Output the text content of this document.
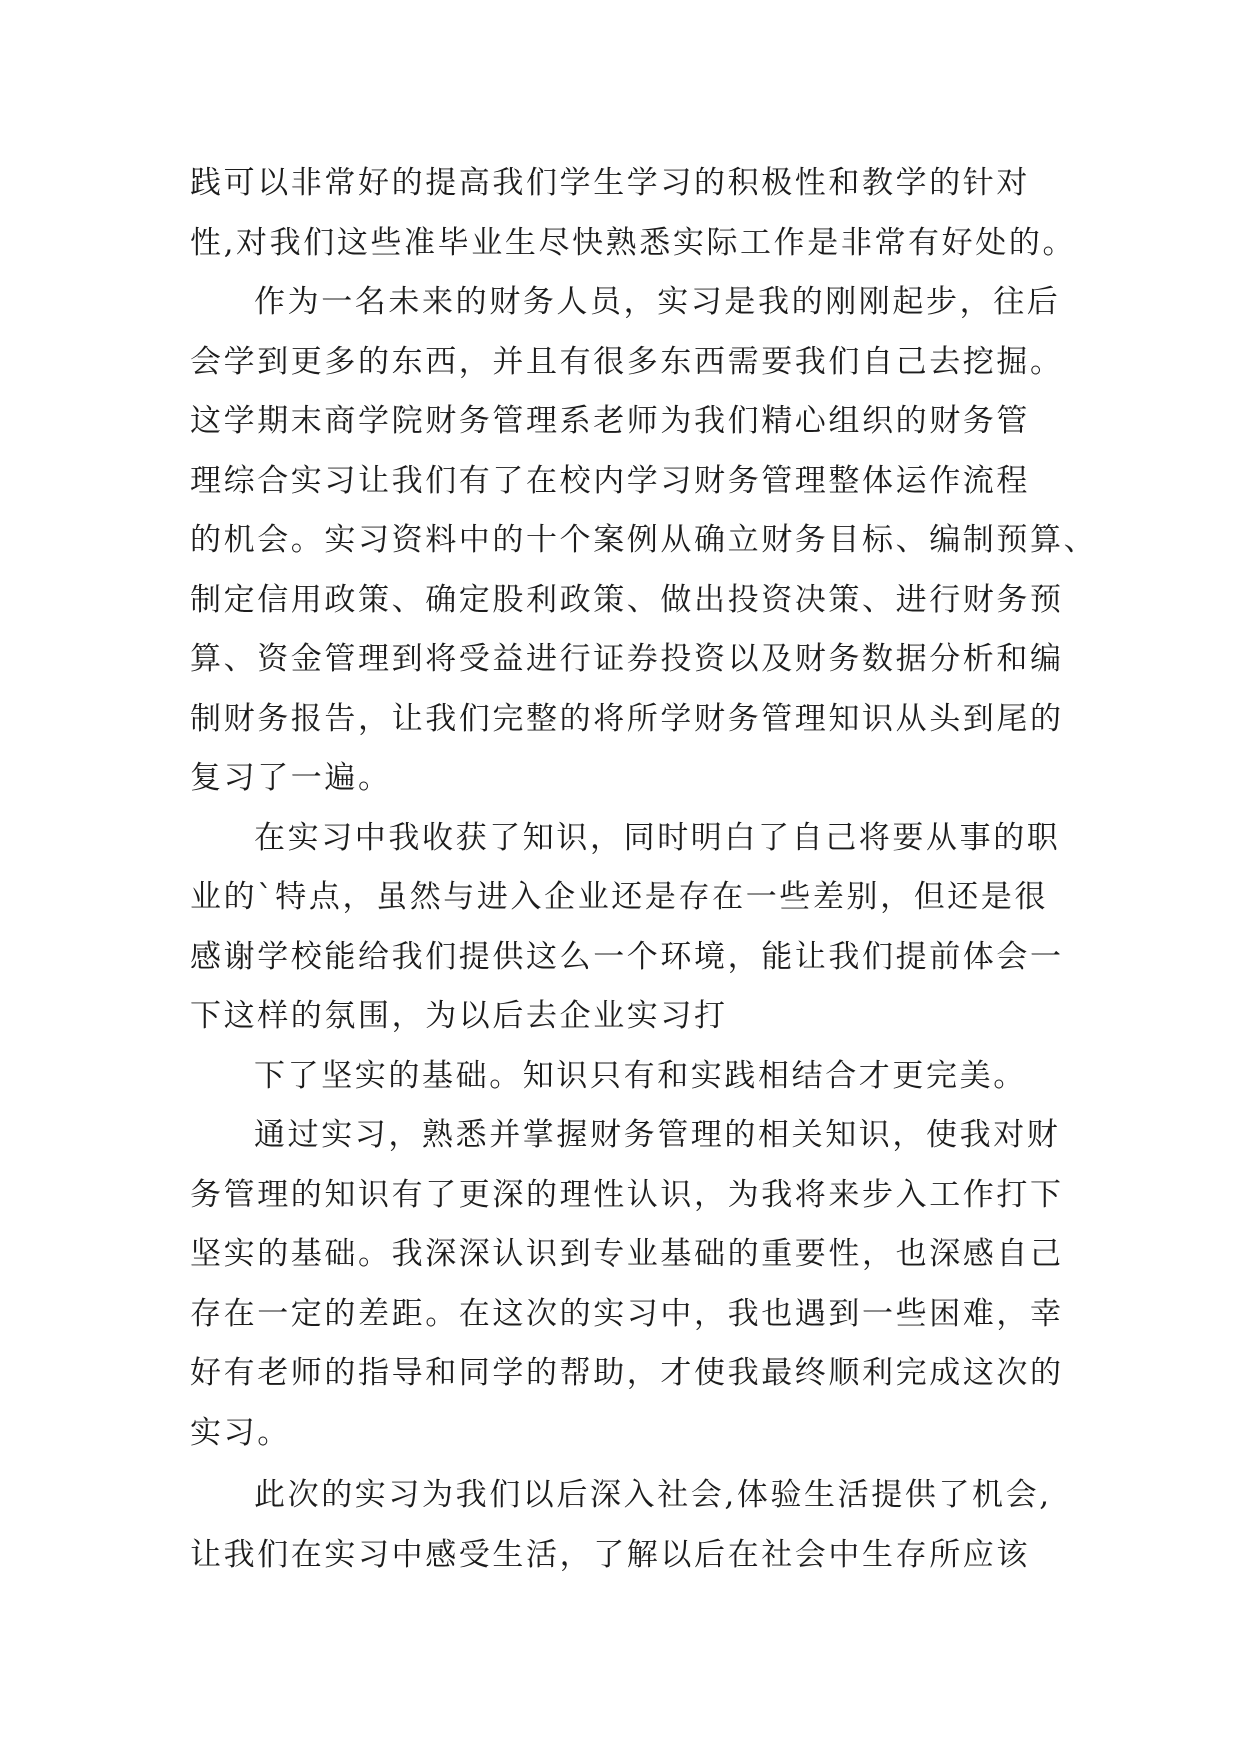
践可以非常好的提高我们学生学习的积极性和教学的针对
性,对我们这些准毕业生尽快熟悉实际工作是非常有好处的。
作为一名未来的财务人员，实习是我的刚刚起步，往后
会学到更多的东西，并且有很多东西需要我们自己去挖掘。
这学期末商学院财务管理系老师为我们精心组织的财务管
理综合实习让我们有了在校内学习财务管理整体运作流程
的机会。实习资料中的十个案例从确立财务目标、编制预算、
制定信用政策、确定股利政策、做出投资决策、进行财务预
算、资金管理到将受益进行证券投资以及财务数据分析和编
制财务报告，让我们完整的将所学财务管理知识从头到尾的
复习了一遍。
在实习中我收获了知识，同时明白了自己将要从事的职
业的`特点，虽然与进入企业还是存在一些差别，但还是很
感谢学校能给我们提供这么一个环境，能让我们提前体会一
下这样的氛围，为以后去企业实习打
下了坚实的基础。知识只有和实践相结合才更完美。
通过实习，熟悉并掌握财务管理的相关知识，使我对财
务管理的知识有了更深的理性认识，为我将来步入工作打下
坚实的基础。我深深认识到专业基础的重要性，也深感自己
存在一定的差距。在这次的实习中，我也遇到一些困难，幸
好有老师的指导和同学的帮助，才使我最终顺利完成这次的
实习。
此次的实习为我们以后深入社会,体验生活提供了机会,
让我们在实习中感受生活，了解以后在社会中生存所应该
